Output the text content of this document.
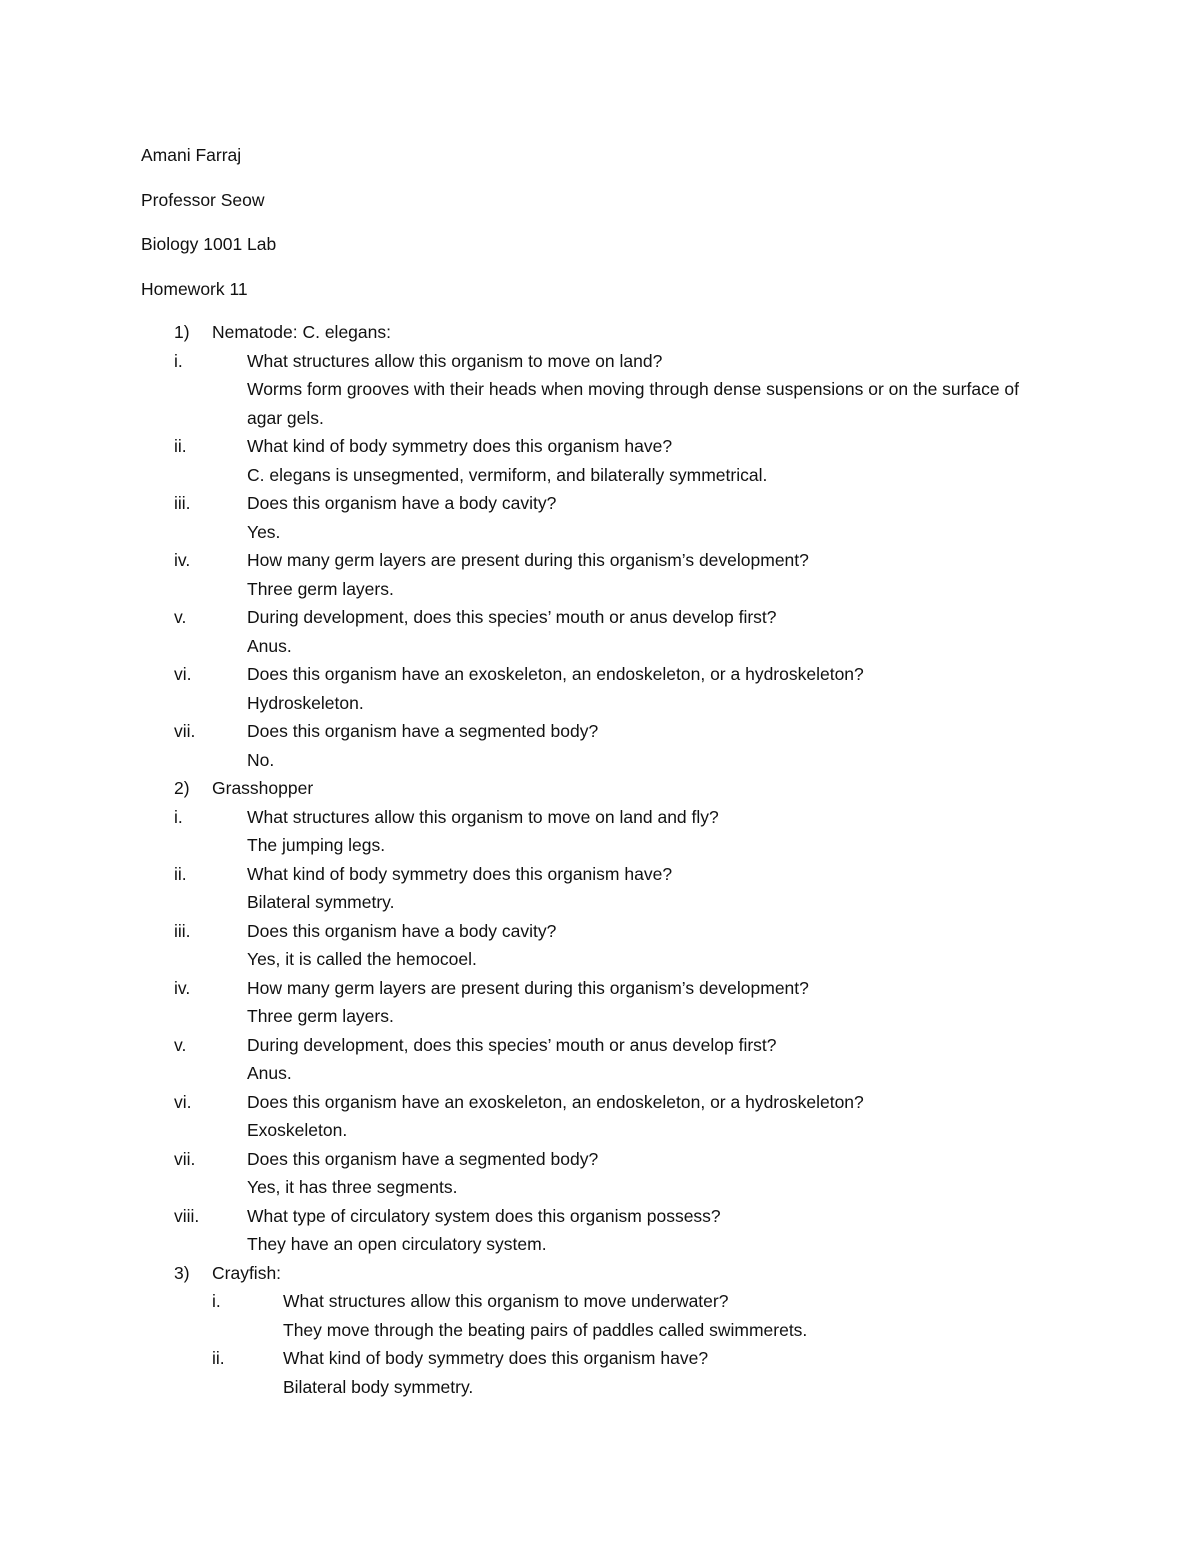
Amani Farraj
Professor Seow
Biology 1001 Lab
Homework 11
1) Nematode: C. elegans:
i.	What structures allow this organism to move on land?
Worms form grooves with their heads when moving through dense suspensions or on the surface of agar gels.
ii.	What kind of body symmetry does this organism have?
C. elegans is unsegmented, vermiform, and bilaterally symmetrical.
iii.	Does this organism have a body cavity?
Yes.
iv.	How many germ layers are present during this organism’s development?
Three germ layers.
v.	During development, does this species’ mouth or anus develop first?
Anus.
vi.	Does this organism have an exoskeleton, an endoskeleton, or a hydroskeleton?
Hydroskeleton.
vii.	Does this organism have a segmented body?
No.
2) Grasshopper
i.	What structures allow this organism to move on land and fly?
The jumping legs.
ii.	What kind of body symmetry does this organism have?
Bilateral symmetry.
iii.	Does this organism have a body cavity?
Yes, it is called the hemocoel.
iv.	How many germ layers are present during this organism’s development?
Three germ layers.
v.	During development, does this species’ mouth or anus develop first?
Anus.
vi.	Does this organism have an exoskeleton, an endoskeleton, or a hydroskeleton?
Exoskeleton.
vii.	Does this organism have a segmented body?
Yes, it has three segments.
viii.	What type of circulatory system does this organism possess?
They have an open circulatory system.
3) Crayfish:
i.	What structures allow this organism to move underwater?
They move through the beating pairs of paddles called swimmerets.
ii.	What kind of body symmetry does this organism have?
Bilateral body symmetry.
